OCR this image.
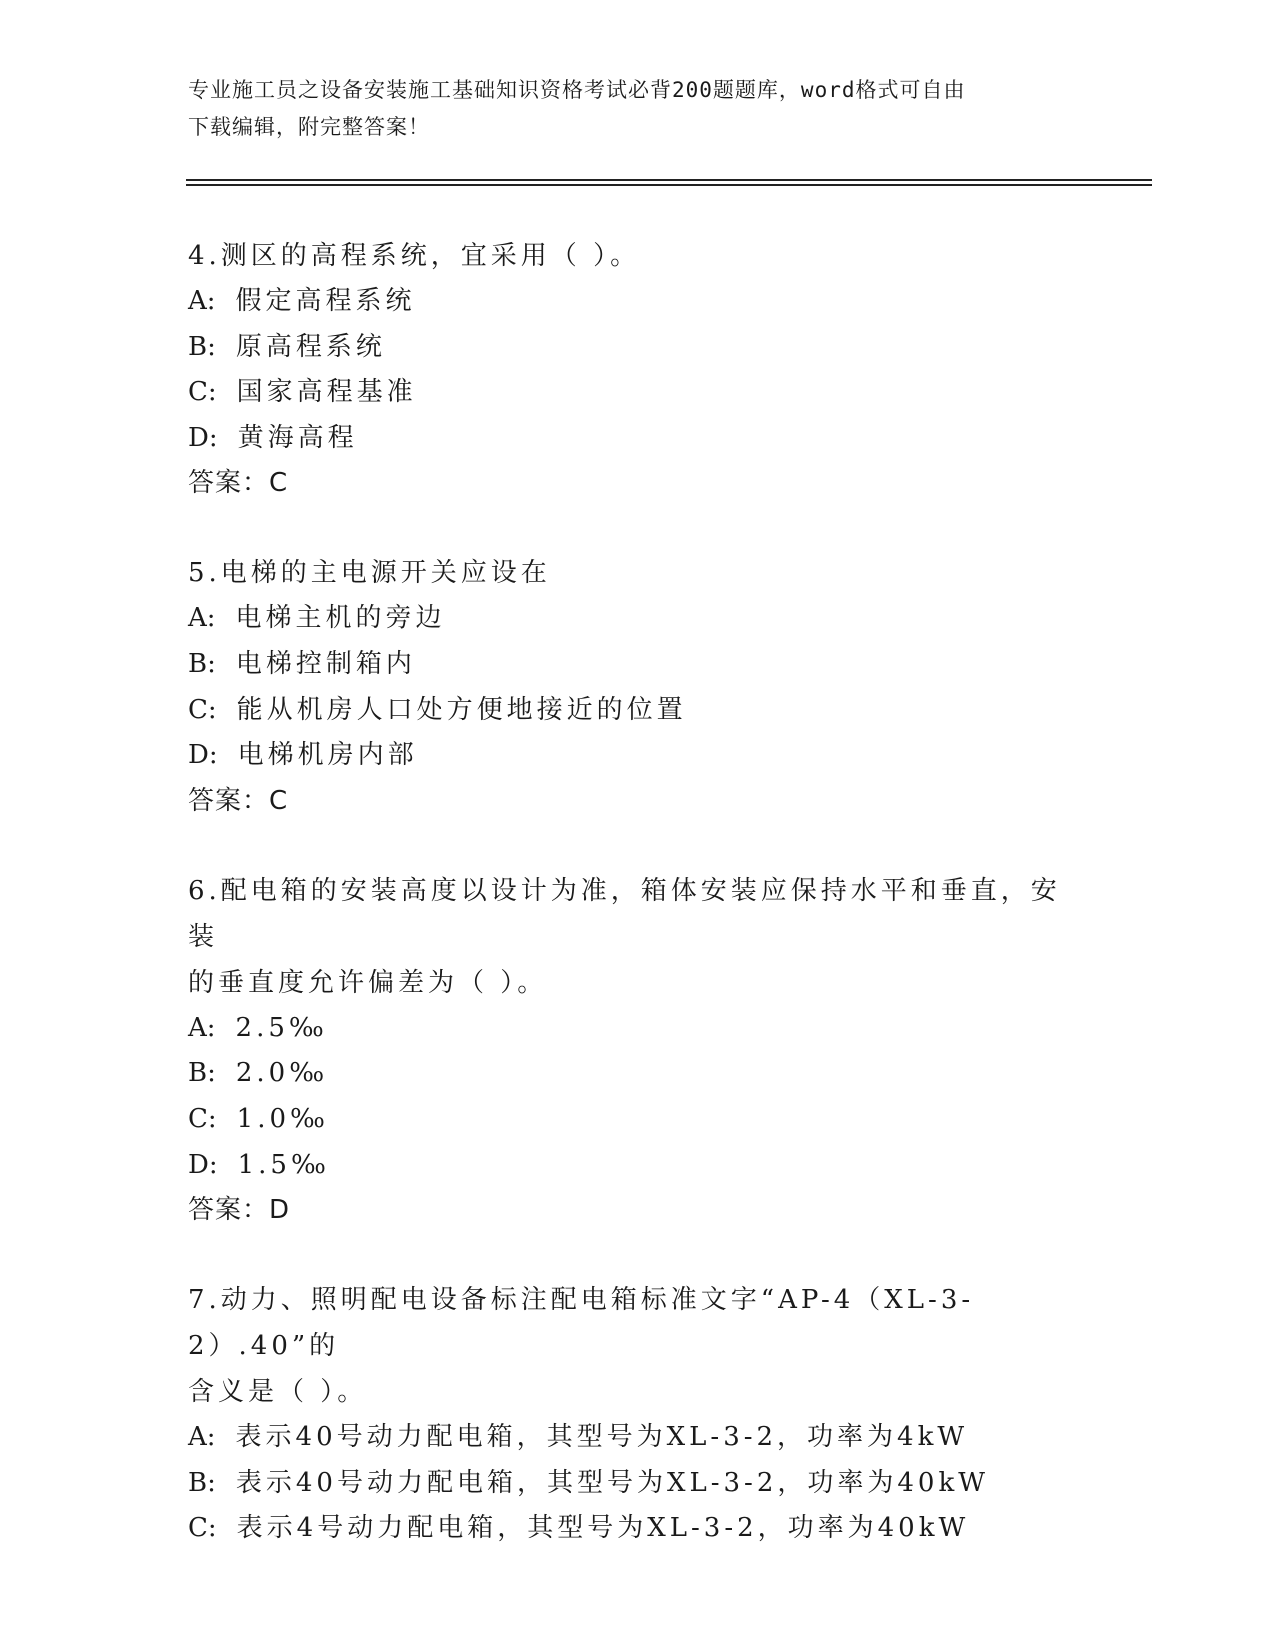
专业施工员之设备安装施工基础知识资格考试必背200题题库，word格式可自由
下载编辑，附完整答案！

4.测区的高程系统，宜采用（ ）。

A: 假定高程系统

B: 原高程系统

C: 国家高程基准

D: 黄海高程

答案：C

5.电梯的主电源开关应设在

A: 电梯主机的旁边

B: 电梯控制箱内

C: 能从机房人口处方便地接近的位置

D: 电梯机房内部

答案：C

6.配电箱的安装高度以设计为准，箱体安装应保持水平和垂直，安装

的垂直度允许偏差为（ ）。

A: 2.5‰

B: 2.0‰

C: 1.0‰

D: 1.5‰

答案：D

7.动力、照明配电设备标注配电箱标准文字“AP-4（XL-3-2）.40”的

含义是（ ）。

A: 表示40号动力配电箱，其型号为XL-3-2，功率为4kW

B: 表示40号动力配电箱，其型号为XL-3-2，功率为40kW

C: 表示4号动力配电箱，其型号为XL-3-2，功率为40kW
